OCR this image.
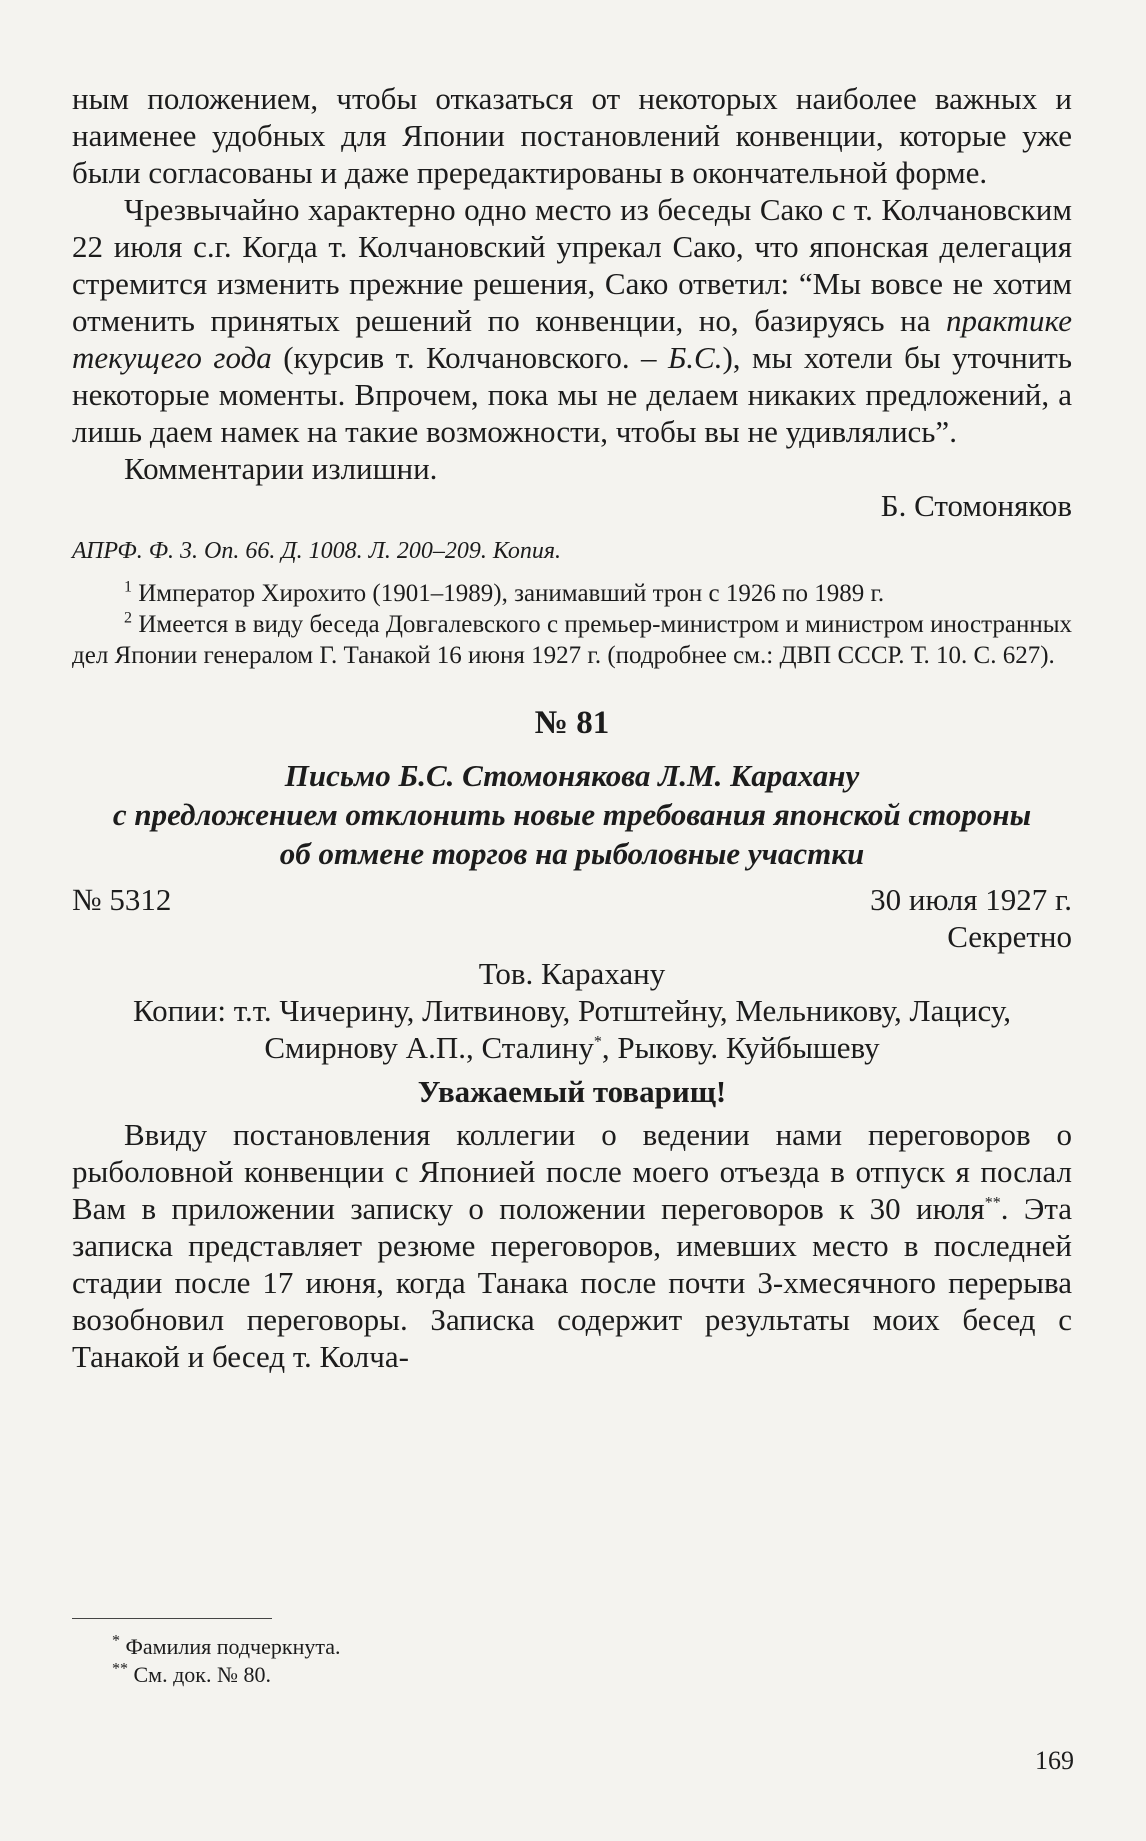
ным положением, чтобы отказаться от некоторых наиболее важных и наименее удобных для Японии постановлений конвенции, которые уже были согласованы и даже прередактированы в окончательной форме.

Чрезвычайно характерно одно место из беседы Сако с т. Колчановским 22 июля с.г. Когда т. Колчановский упрекал Сако, что японская делегация стремится изменить прежние решения, Сако ответил: “Мы вовсе не хотим отменить принятых решений по конвенции, но, базируясь на практике текущего года (курсив т. Колчановского. – Б.С.), мы хотели бы уточнить некоторые моменты. Впрочем, пока мы не делаем никаких предложений, а лишь даем намек на такие возможности, чтобы вы не удивлялись”.

Комментарии излишни.

Б. Стомоняков

АПРФ. Ф. 3. Оп. 66. Д. 1008. Л. 200–209. Копия.

$^1$ Император Хирохито (1901–1989), занимавший трон с 1926 по 1989 г.

$^2$ Имеется в виду беседа Довгалевского с премьер-министром и министром иностранных дел Японии генералом Г. Танакой 16 июня 1927 г. (подробнее см.: ДВП СССР. Т. 10. С. 627).

№ 81
Письмо Б.С. Стомонякова Л.М. Карахану
с предложением отклонить новые требования японской стороны
об отмене торгов на рыболовные участки
№ 5312	30 июля 1927 г.
Секретно
Тов. Карахану
Копии: т.т. Чичерину, Литвинову, Ротштейну, Мельникову, Лацису,
Смирнову А.П., Сталину*, Рыкову. Куйбышеву
Уважаемый товарищ!

Ввиду постановления коллегии о ведении нами переговоров о рыболовной конвенции с Японией после моего отъезда в отпуск я послал Вам в приложении записку о положении переговоров к 30 июля**. Эта записка представляет резюме переговоров, имевших место в последней стадии после 17 июня, когда Танака после почти 3-хмесячного перерыва возобновил переговоры. Записка содержит результаты моих бесед с Танакой и бесед т. Колча-

* Фамилия подчеркнута.
** См. док. № 80.
169
